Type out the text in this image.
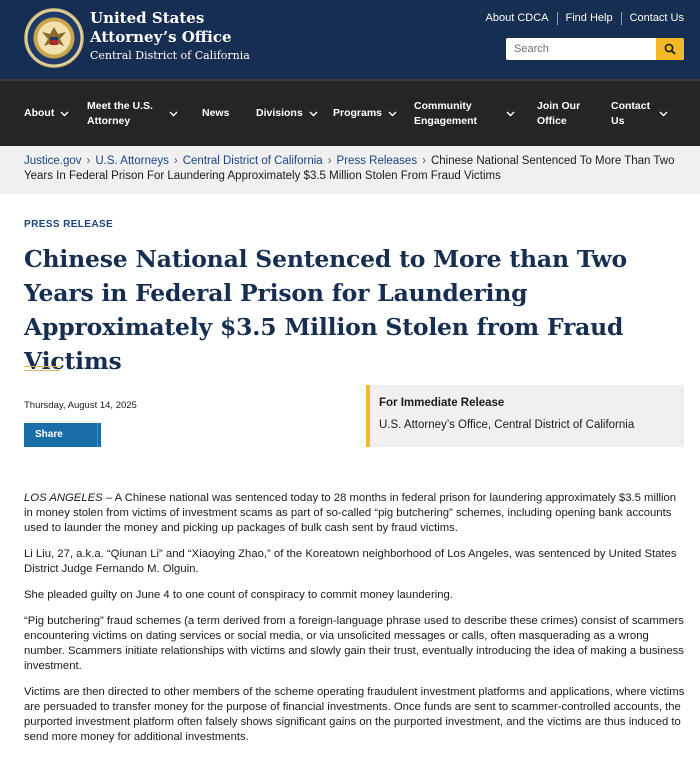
United States
Attorney’s Office
Central District of California
About CDCA	Find Help	Contact Us
Search
About
Meet the U.S.
Attorney
News	Divisions	Programs
Community
Engagement
Join Our
Office
Contact
Us
Justice.gov › U.S. Attorneys › Central District of California › Press Releases › Chinese National Sentenced To More Than Two Years In Federal Prison For Laundering Approximately $3.5 Million Stolen From Fraud Victims
PRESS RELEASE
Chinese National Sentenced to More than Two Years in Federal Prison for Laundering Approximately $3.5 Million Stolen from Fraud Victims
Thursday, August 14, 2025
Share
For Immediate Release
U.S. Attorney’s Office, Central District of California

LOS ANGELES – A Chinese national was sentenced today to 28 months in federal prison for laundering approximately $3.5 million in money stolen from victims of investment scams as part of so-called “pig butchering” schemes, including opening bank accounts used to launder the money and picking up packages of bulk cash sent by fraud victims.

Li Liu, 27, a.k.a. “Qiunan Li” and “Xiaoying Zhao,” of the Koreatown neighborhood of Los Angeles, was sentenced by United States District Judge Fernando M. Olguin.

She pleaded guilty on June 4 to one count of conspiracy to commit money laundering.

“Pig butchering” fraud schemes (a term derived from a foreign-language phrase used to describe these crimes) consist of scammers encountering victims on dating services or social media, or via unsolicited messages or calls, often masquerading as a wrong number. Scammers initiate relationships with victims and slowly gain their trust, eventually introducing the idea of making a business investment.

Victims are then directed to other members of the scheme operating fraudulent investment platforms and applications, where victims are persuaded to transfer money for the purpose of financial investments. Once funds are sent to scammer-controlled accounts, the purported investment platform often falsely shows significant gains on the purported investment, and the victims are thus induced to send more money for additional investments.
